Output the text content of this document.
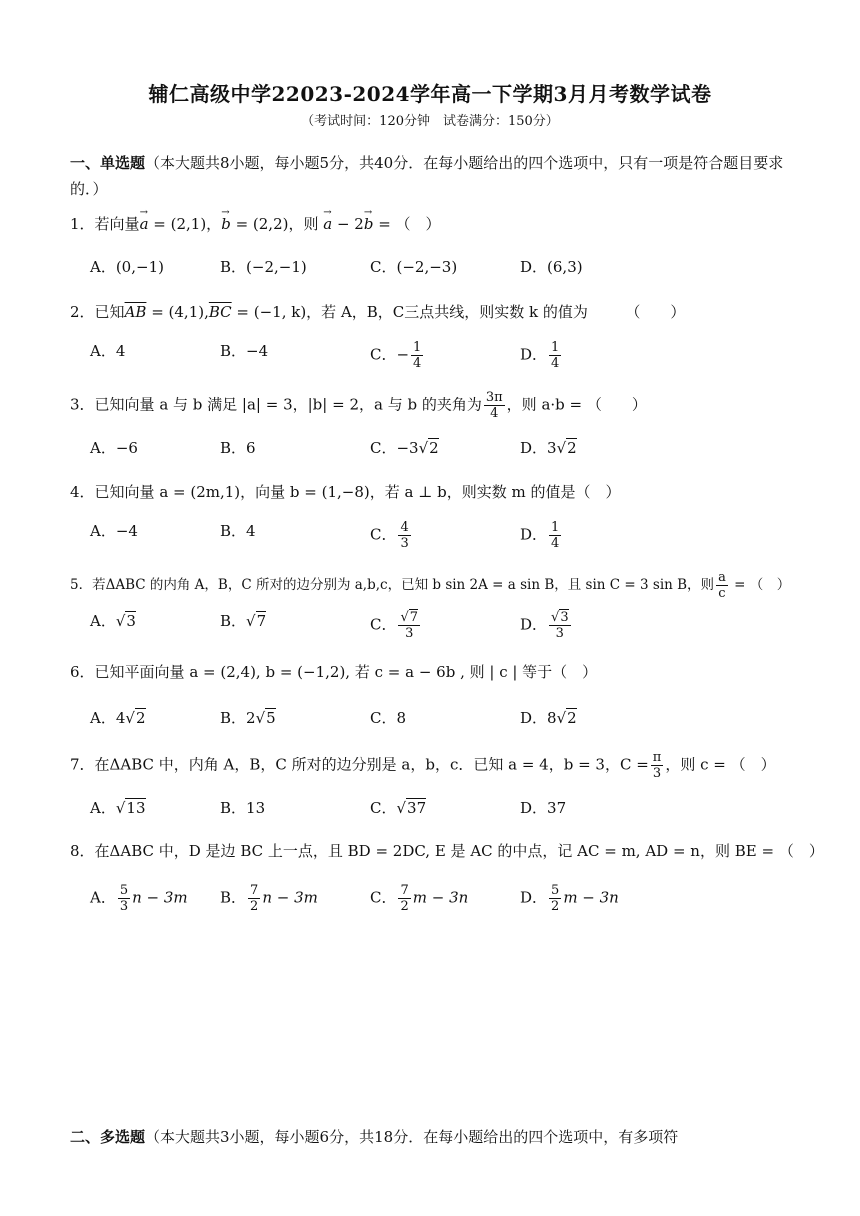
辅仁高级中学22023-2024学年高一下学期3月月考数学试卷
（考试时间：120分钟　试卷满分：150分）
一、单选题（本大题共8小题，每小题5分，共40分．在每小题给出的四个选项中，只有一项是符合题目要求的．）
1．若向量→ a = (2,1)，→ b = (2,2)，则 → a − 2→ b = （　）
A．(0,−1)	B．(−2,−1)	C．(−2,−3)	D．(6,3)
2．已知$\overline{AB} = (4,1),\overline{BC} = (-1$, k)，若 A，B，C三点共线，则实数 k 的值为　　　（　　）
A．4	B．−4	C．− $\frac{1}{4}$	D． $\frac{1}{4}$
3．已知向量 a 与 b 满足 |a| = 3，|b| = 2，a 与 b 的夹角为 $\frac{3\pi}{4}$ ，则 a·b = （　　）
A．−6	B．6	C．−3√2	D．3√2
4．已知向量 a = (2m,1)，向量 b = (1,−8)，若 a ⊥ b，则实数 m 的值是（　）
A．−4	B．4	C． $\frac{4}{3}$	D． $\frac{1}{4}$
5．若ΔABC 的内角 A，B，C 所对的边分别为 a,b,c，已知 b sin 2A = a sin B，且 sin C = 3 sin B，则 $\frac{a}{c}$ = （　）
A．√3	B．√7	C． $\frac{√7}{3}$	D． $\frac{√3}{3}$
6．已知平面向量 a = (2,4), b = (−1,2), 若 c = a − 6b , 则 | c | 等于（　）
A．4√2	B．2√5	C．8	D．8√2
7．在ΔABC 中，内角 A，B，C 所对的边分别是 a，b，c．已知 a = 4，b = 3，$C = \frac{\pi}{3}$ ，则 c = （　）
A．√13	B．13	C．√37	D．37
8．在ΔABC 中，D 是边 BC 上一点，且 BD = 2DC, E 是 AC 的中点，记 AC = m, AD = n，则 BE = （　）
A． $\frac{5}{3}$ n − 3m B． $\frac{7}{2}$ n − 3m	C． $\frac{7}{2}$ m − 3n	D． $\frac{5}{2}$ m − 3n
二、多选题（本大题共3小题，每小题6分，共18分．在每小题给出的四个选项中，有多项符
